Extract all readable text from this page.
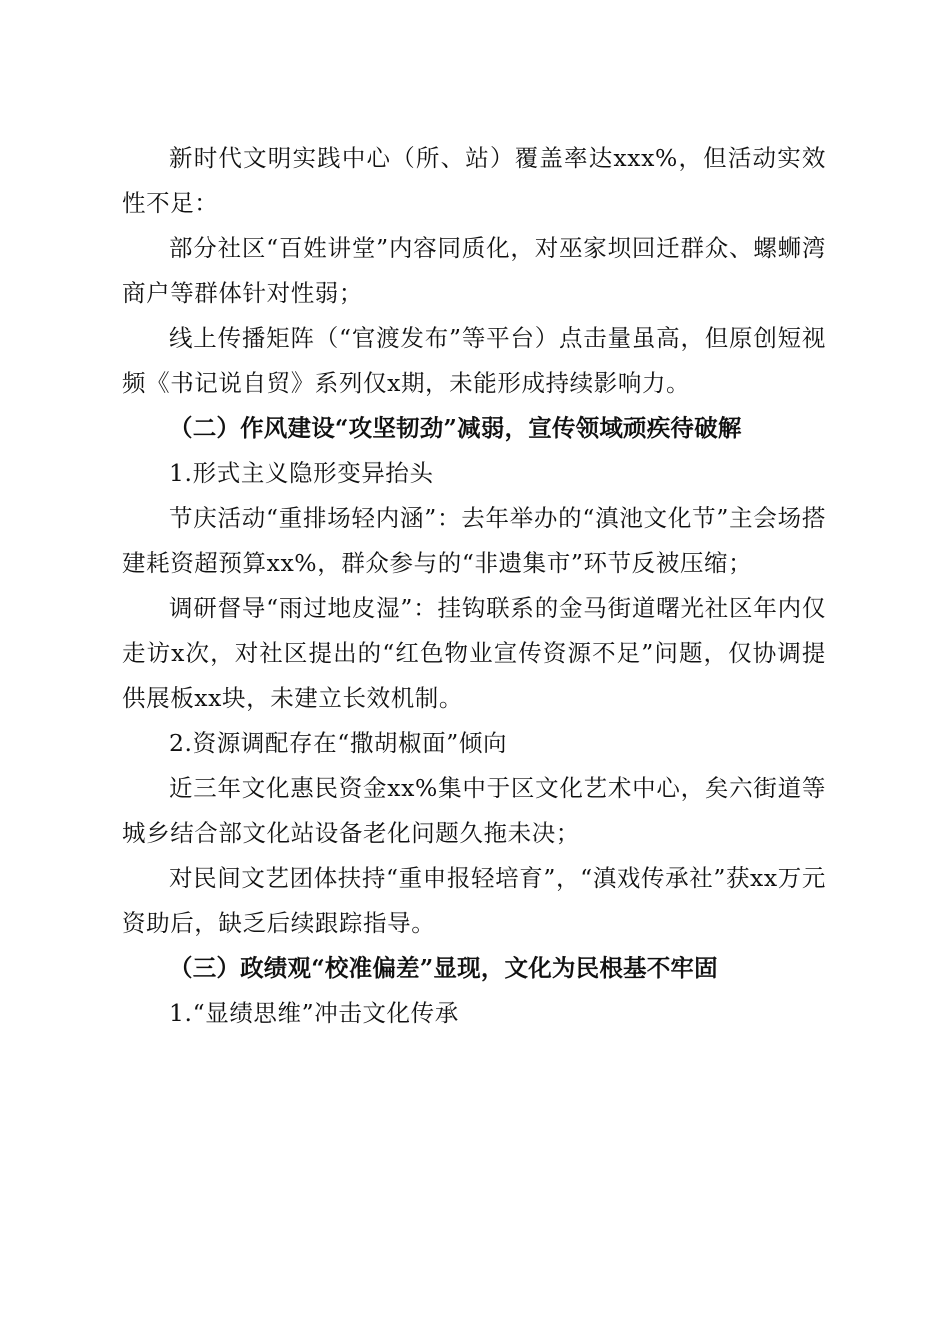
新时代文明实践中心（所、站）覆盖率达xxx%，但活动实效性不足：

部分社区“百姓讲堂”内容同质化，对巫家坝回迁群众、螺蛳湾商户等群体针对性弱；

线上传播矩阵（“官渡发布”等平台）点击量虽高，但原创短视频《书记说自贸》系列仅x期，未能形成持续影响力。

（二）作风建设“攻坚韧劲”减弱，宣传领域顽疾待破解

1.形式主义隐形变异抬头

节庆活动“重排场轻内涵”：去年举办的“滇池文化节”主会场搭建耗资超预算xx%，群众参与的“非遗集市”环节反被压缩；

调研督导“雨过地皮湿”：挂钩联系的金马街道曙光社区年内仅走访x次，对社区提出的“红色物业宣传资源不足”问题，仅协调提供展板xx块，未建立长效机制。

2.资源调配存在“撒胡椒面”倾向

近三年文化惠民资金xx%集中于区文化艺术中心，矣六街道等城乡结合部文化站设备老化问题久拖未决；

对民间文艺团体扶持“重申报轻培育”，“滇戏传承社”获xx万元资助后，缺乏后续跟踪指导。

（三）政绩观“校准偏差”显现，文化为民根基不牢固

1.“显绩思维”冲击文化传承
